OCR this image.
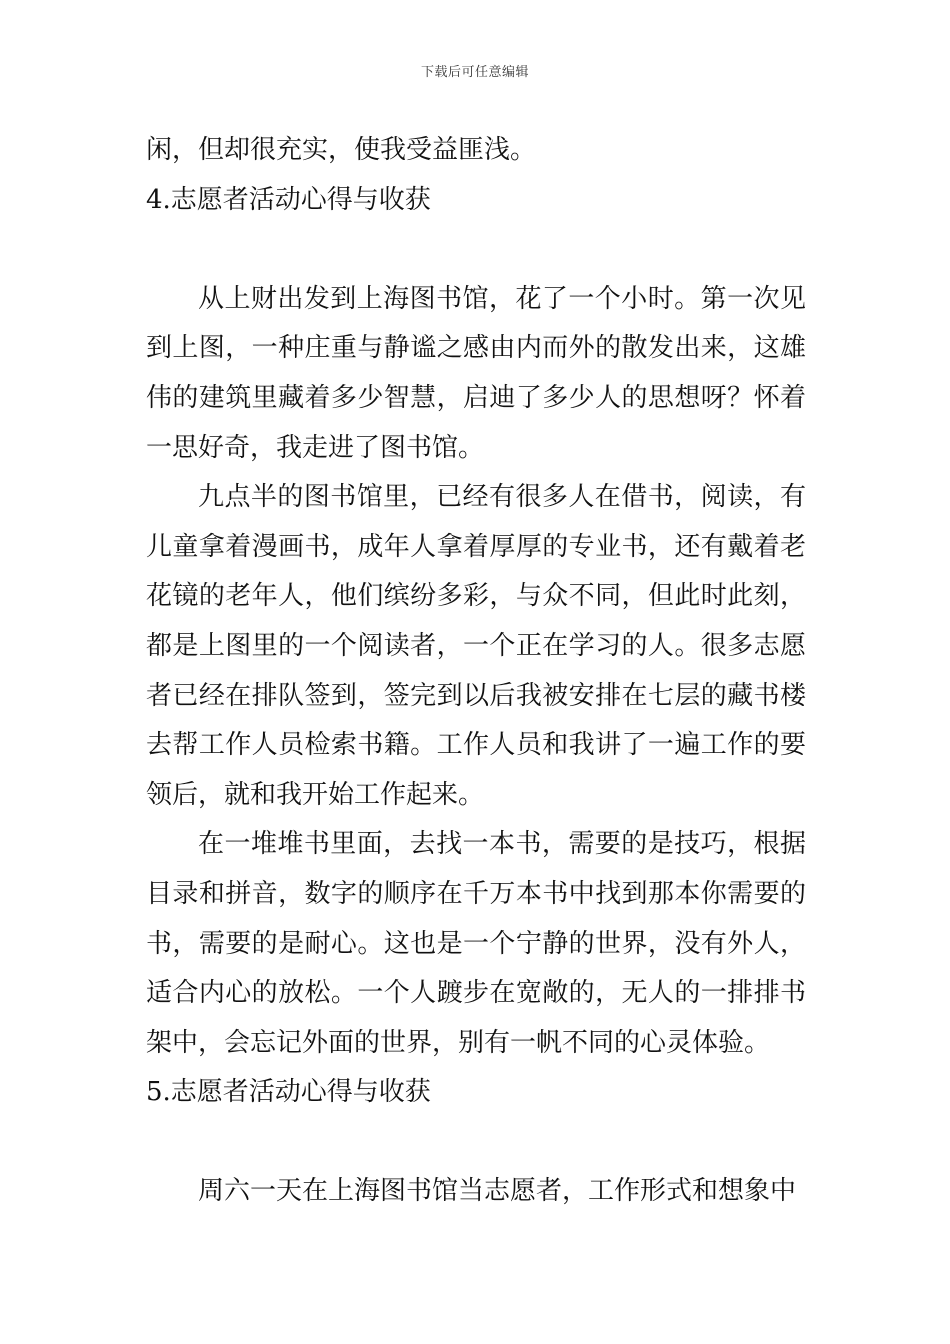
下载后可任意编辑

闲，但却很充实，使我受益匪浅。

4.志愿者活动心得与收获

从上财出发到上海图书馆，花了一个小时。第一次见到上图，一种庄重与静谧之感由内而外的散发出来，这雄伟的建筑里藏着多少智慧，启迪了多少人的思想呀？怀着一思好奇，我走进了图书馆。

九点半的图书馆里，已经有很多人在借书，阅读，有儿童拿着漫画书，成年人拿着厚厚的专业书，还有戴着老花镜的老年人，他们缤纷多彩，与众不同，但此时此刻，都是上图里的一个阅读者，一个正在学习的人。很多志愿者已经在排队签到，签完到以后我被安排在七层的藏书楼去帮工作人员检索书籍。工作人员和我讲了一遍工作的要领后，就和我开始工作起来。

在一堆堆书里面，去找一本书，需要的是技巧，根据目录和拼音，数字的顺序在千万本书中找到那本你需要的书，需要的是耐心。这也是一个宁静的世界，没有外人，适合内心的放松。一个人踱步在宽敞的，无人的一排排书架中，会忘记外面的世界，别有一帆不同的心灵体验。

5.志愿者活动心得与收获

周六一天在上海图书馆当志愿者，工作形式和想象中
